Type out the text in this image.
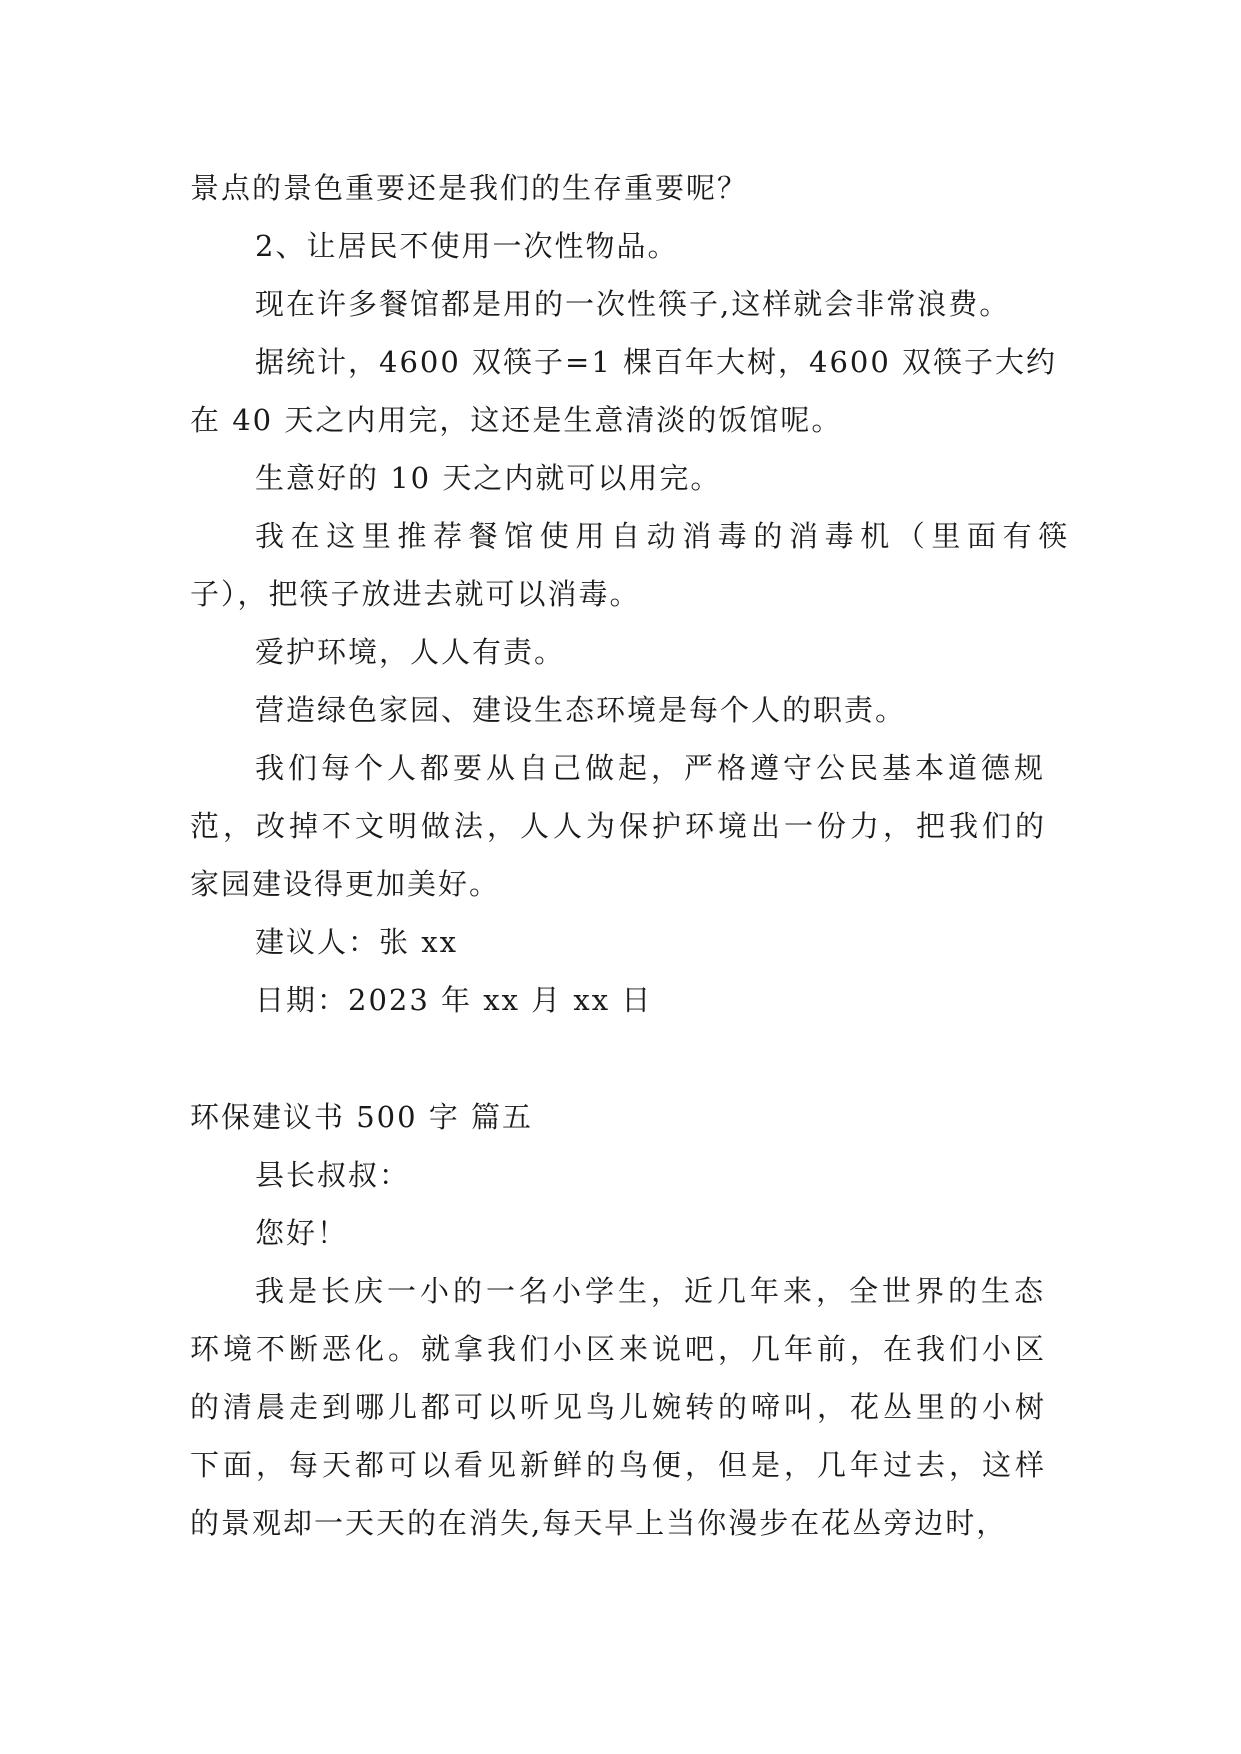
景点的景色重要还是我们的生存重要呢？
2、让居民不使用一次性物品。
现在许多餐馆都是用的一次性筷子,这样就会非常浪费。
据统计，4600 双筷子=1 棵百年大树，4600 双筷子大约
在 40 天之内用完，这还是生意清淡的饭馆呢。
生意好的 10 天之内就可以用完。
我在这里推荐餐馆使用自动消毒的消毒机（里面有筷
子），把筷子放进去就可以消毒。
爱护环境，人人有责。
营造绿色家园、建设生态环境是每个人的职责。
我们每个人都要从自己做起，严格遵守公民基本道德规
范，改掉不文明做法，人人为保护环境出一份力，把我们的
家园建设得更加美好。
建议人：张 xx
日期：2023 年 xx 月 xx 日
环保建议书 500 字 篇五
县长叔叔：
您好！
我是长庆一小的一名小学生，近几年来，全世界的生态
环境不断恶化。就拿我们小区来说吧，几年前，在我们小区
的清晨走到哪儿都可以听见鸟儿婉转的啼叫，花丛里的小树
下面，每天都可以看见新鲜的鸟便，但是，几年过去，这样
的景观却一天天的在消失,每天早上当你漫步在花丛旁边时，
